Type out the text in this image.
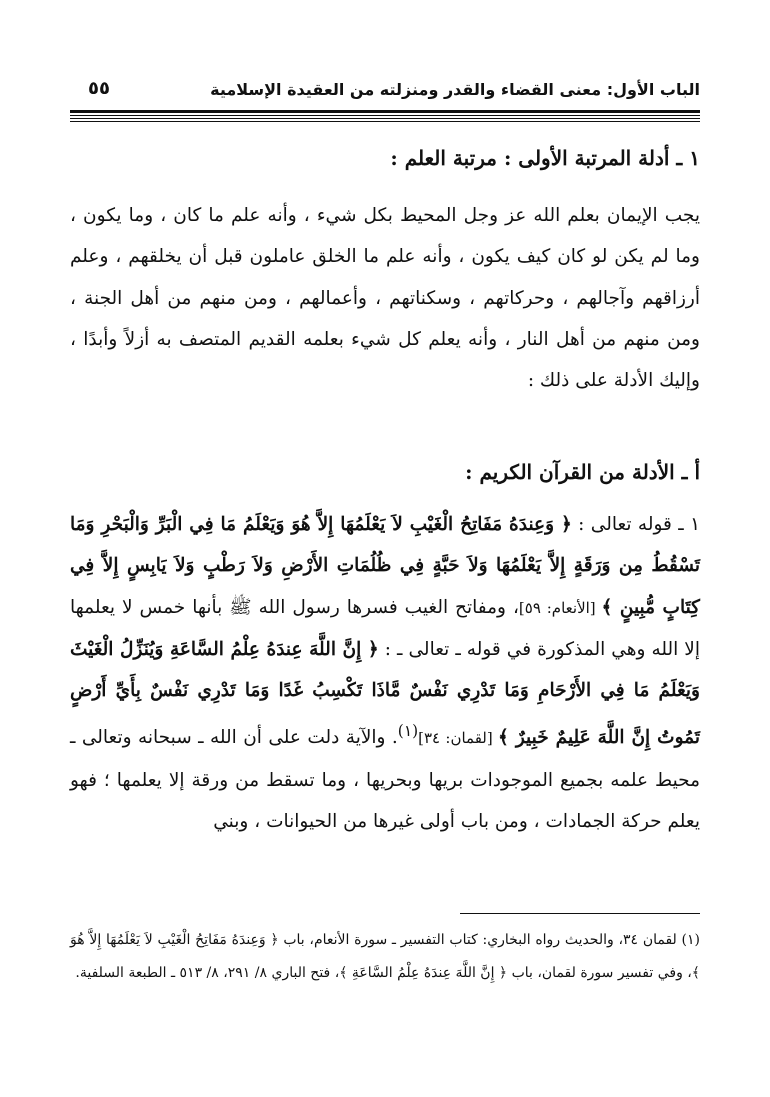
الباب الأول: معنى القضاء والقدر ومنزلته من العقيدة الإسلامية
٥٥
١ ـ أدلة المرتبة الأولى : مرتبة العلم :
يجب الإيمان بعلم الله عز وجل المحيط بكل شيء ، وأنه علم ما كان ، وما يكون ، وما لم يكن لو كان كيف يكون ، وأنه علم ما الخلق عاملون قبل أن يخلقهم ، وعلم أرزاقهم وآجالهم ، وحركاتهم ، وسكناتهم ، وأعمالهم ، ومن منهم من أهل الجنة ، ومن منهم من أهل النار ، وأنه يعلم كل شيء بعلمه القديم المتصف به أزلاً وأبدًا ، وإليك الأدلة على ذلك :
أ ـ الأدلة من القرآن الكريم :
١ ـ قوله تعالى : ﴿ وَعِندَهُ مَفَاتِحُ الْغَيْبِ لاَ يَعْلَمُهَا إِلاَّ هُوَ وَيَعْلَمُ مَا فِي الْبَرِّ وَالْبَحْرِ وَمَا تَسْقُطُ مِن وَرَقَةٍ إِلاَّ يَعْلَمُهَا وَلاَ حَبَّةٍ فِي ظُلُمَاتِ الأَرْضِ وَلاَ رَطْبٍ وَلاَ يَابِسٍ إِلاَّ فِي كِتَابٍ مُّبِينٍ ﴾ [الأنعام: ٥٩]، ومفاتح الغيب فسرها رسول الله ﷺ بأنها خمس لا يعلمها إلا الله وهي المذكورة في قوله ـ تعالى ـ : ﴿ إِنَّ اللَّهَ عِندَهُ عِلْمُ السَّاعَةِ وَيُنَزِّلُ الْغَيْثَ وَيَعْلَمُ مَا فِي الأَرْحَامِ وَمَا تَدْرِي نَفْسٌ مَّاذَا تَكْسِبُ غَدًا وَمَا تَدْرِي نَفْسٌ بِأَيِّ أَرْضٍ تَمُوتُ إِنَّ اللَّهَ عَلِيمٌ خَبِيرٌ ﴾ [لقمان: ٣٤]$^{(١)}$. والآية دلت على أن الله ـ سبحانه وتعالى ـ محيط علمه بجميع الموجودات بريها وبحريها ، وما تسقط من ورقة إلا يعلمها ؛ فهو يعلم حركة الجمادات ، ومن باب أولى غيرها من الحيوانات ، وبني
(١) لقمان ٣٤، والحديث رواه البخاري: كتاب التفسير ـ سورة الأنعام، باب ﴿ وَعِندَهُ مَفَاتِحُ الْغَيْبِ لاَ يَعْلَمُهَا إِلاَّ هُوَ ﴾، وفي تفسير سورة لقمان، باب ﴿ إِنَّ اللَّهَ عِندَهُ عِلْمُ السَّاعَةِ ﴾، فتح الباري ٨/ ٢٩١، ٨/ ٥١٣ ـ الطبعة السلفية.
